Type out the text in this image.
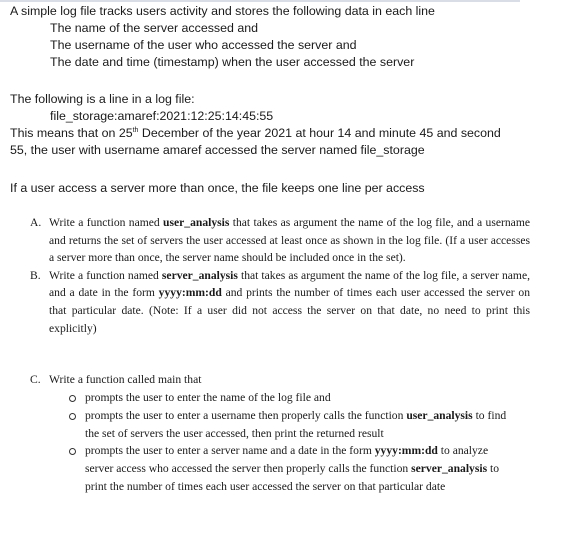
A simple log file tracks users activity and stores the following data in each line
The name of the server accessed and
The username of the user who accessed the server and
The date and time (timestamp) when the user accessed the server
The following is a line in a log file:
file_storage:amaref:2021:12:25:14:45:55
This means that on 25th December of the year 2021 at hour 14 and minute 45 and second
55, the user with username amaref accessed the server named file_storage
If a user access a server more than once, the file keeps one line per access
A. Write a function named user_analysis that takes as argument the name of the log file, and a username and returns the set of servers the user accessed at least once as shown in the log file. (If a user accesses a server more than once, the server name should be included once in the set).
B. Write a function named server_analysis that takes as argument the name of the log file, a server name, and a date in the form yyyy:mm:dd and prints the number of times each user accessed the server on that particular date. (Note: If a user did not access the server on that date, no need to print this explicitly)
C. Write a function called main that
prompts the user to enter the name of the log file and
prompts the user to enter a username then properly calls the function user_analysis to find the set of servers the user accessed, then print the returned result
prompts the user to enter a server name and a date in the form yyyy:mm:dd to analyze server access who accessed the server then properly calls the function server_analysis to print the number of times each user accessed the server on that particular date
